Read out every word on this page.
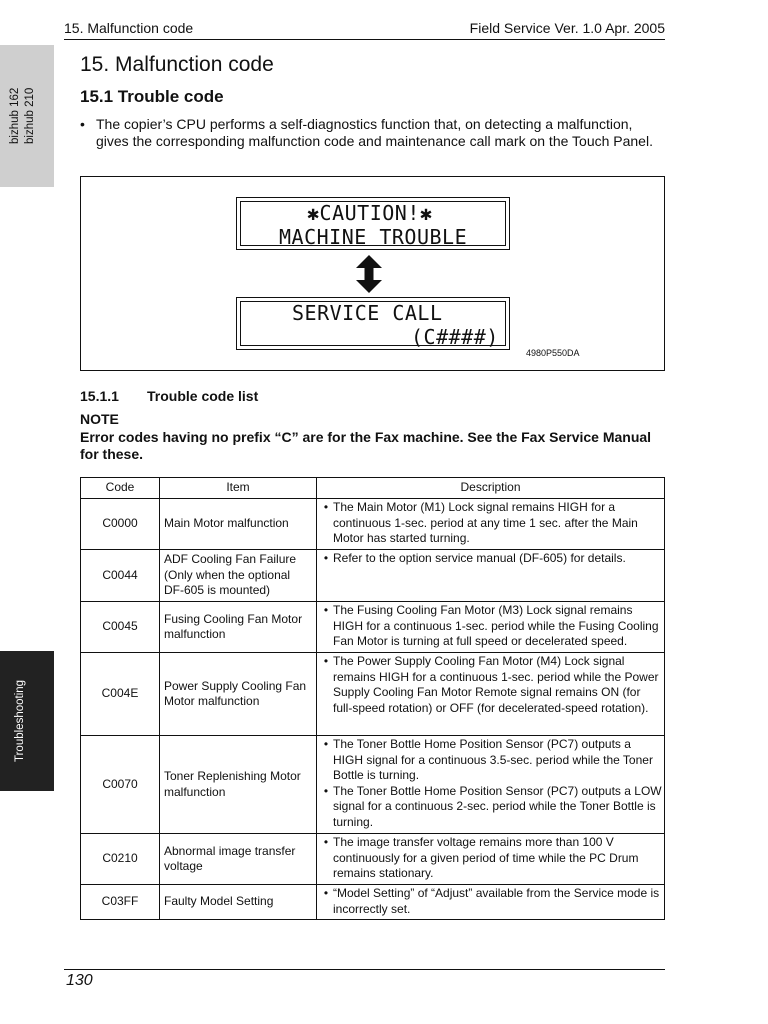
15. Malfunction code	Field Service Ver. 1.0 Apr. 2005
bizhub 162 bizhub 210
Troubleshooting
15. Malfunction code
15.1 Trouble code
• The copier’s CPU performs a self-diagnostics function that, on detecting a malfunction, gives the corresponding malfunction code and maintenance call mark on the Touch Panel.
✱CAUTION!✱
MACHINE TROUBLE
SERVICE CALL
(C####)
4980P550DA
15.1.1 Trouble code list
NOTE
Error codes having no prefix “C” are for the Fax machine. See the Fax Service Manual for these.
Code	Item	Description
C0000	Main Motor malfunction	• The Main Motor (M1) Lock signal remains HIGH for a continuous 1-sec. period at any time 1 sec. after the Main Motor has started turning.

C0044	ADF Cooling Fan Failure (Only when the optional DF-605 is mounted)	• Refer to the option service manual (DF-605) for details.

C0045	Fusing Cooling Fan Motor malfunction	• The Fusing Cooling Fan Motor (M3) Lock signal remains HIGH for a continuous 1-sec. period while the Fusing Cooling Fan Motor is turning at full speed or decelerated speed.

C004E	Power Supply Cooling Fan Motor malfunction	• The Power Supply Cooling Fan Motor (M4) Lock signal remains HIGH for a continuous 1-sec. period while the Power Supply Cooling Fan Motor Remote signal remains ON (for full-speed rotation) or OFF (for decelerated-speed rotation).

C0070	Toner Replenishing Motor malfunction	• The Toner Bottle Home Position Sensor (PC7) outputs a HIGH signal for a continuous 3.5-sec. period while the Toner Bottle is turning.
• The Toner Bottle Home Position Sensor (PC7) outputs a LOW signal for a continuous 2-sec. period while the Toner Bottle is turning.

C0210	Abnormal image transfer voltage	• The image transfer voltage remains more than 100 V continuously for a given period of time while the PC Drum remains stationary.

C03FF	Faulty Model Setting	• “Model Setting” of “Adjust” available from the Service mode is incorrectly set.
130
